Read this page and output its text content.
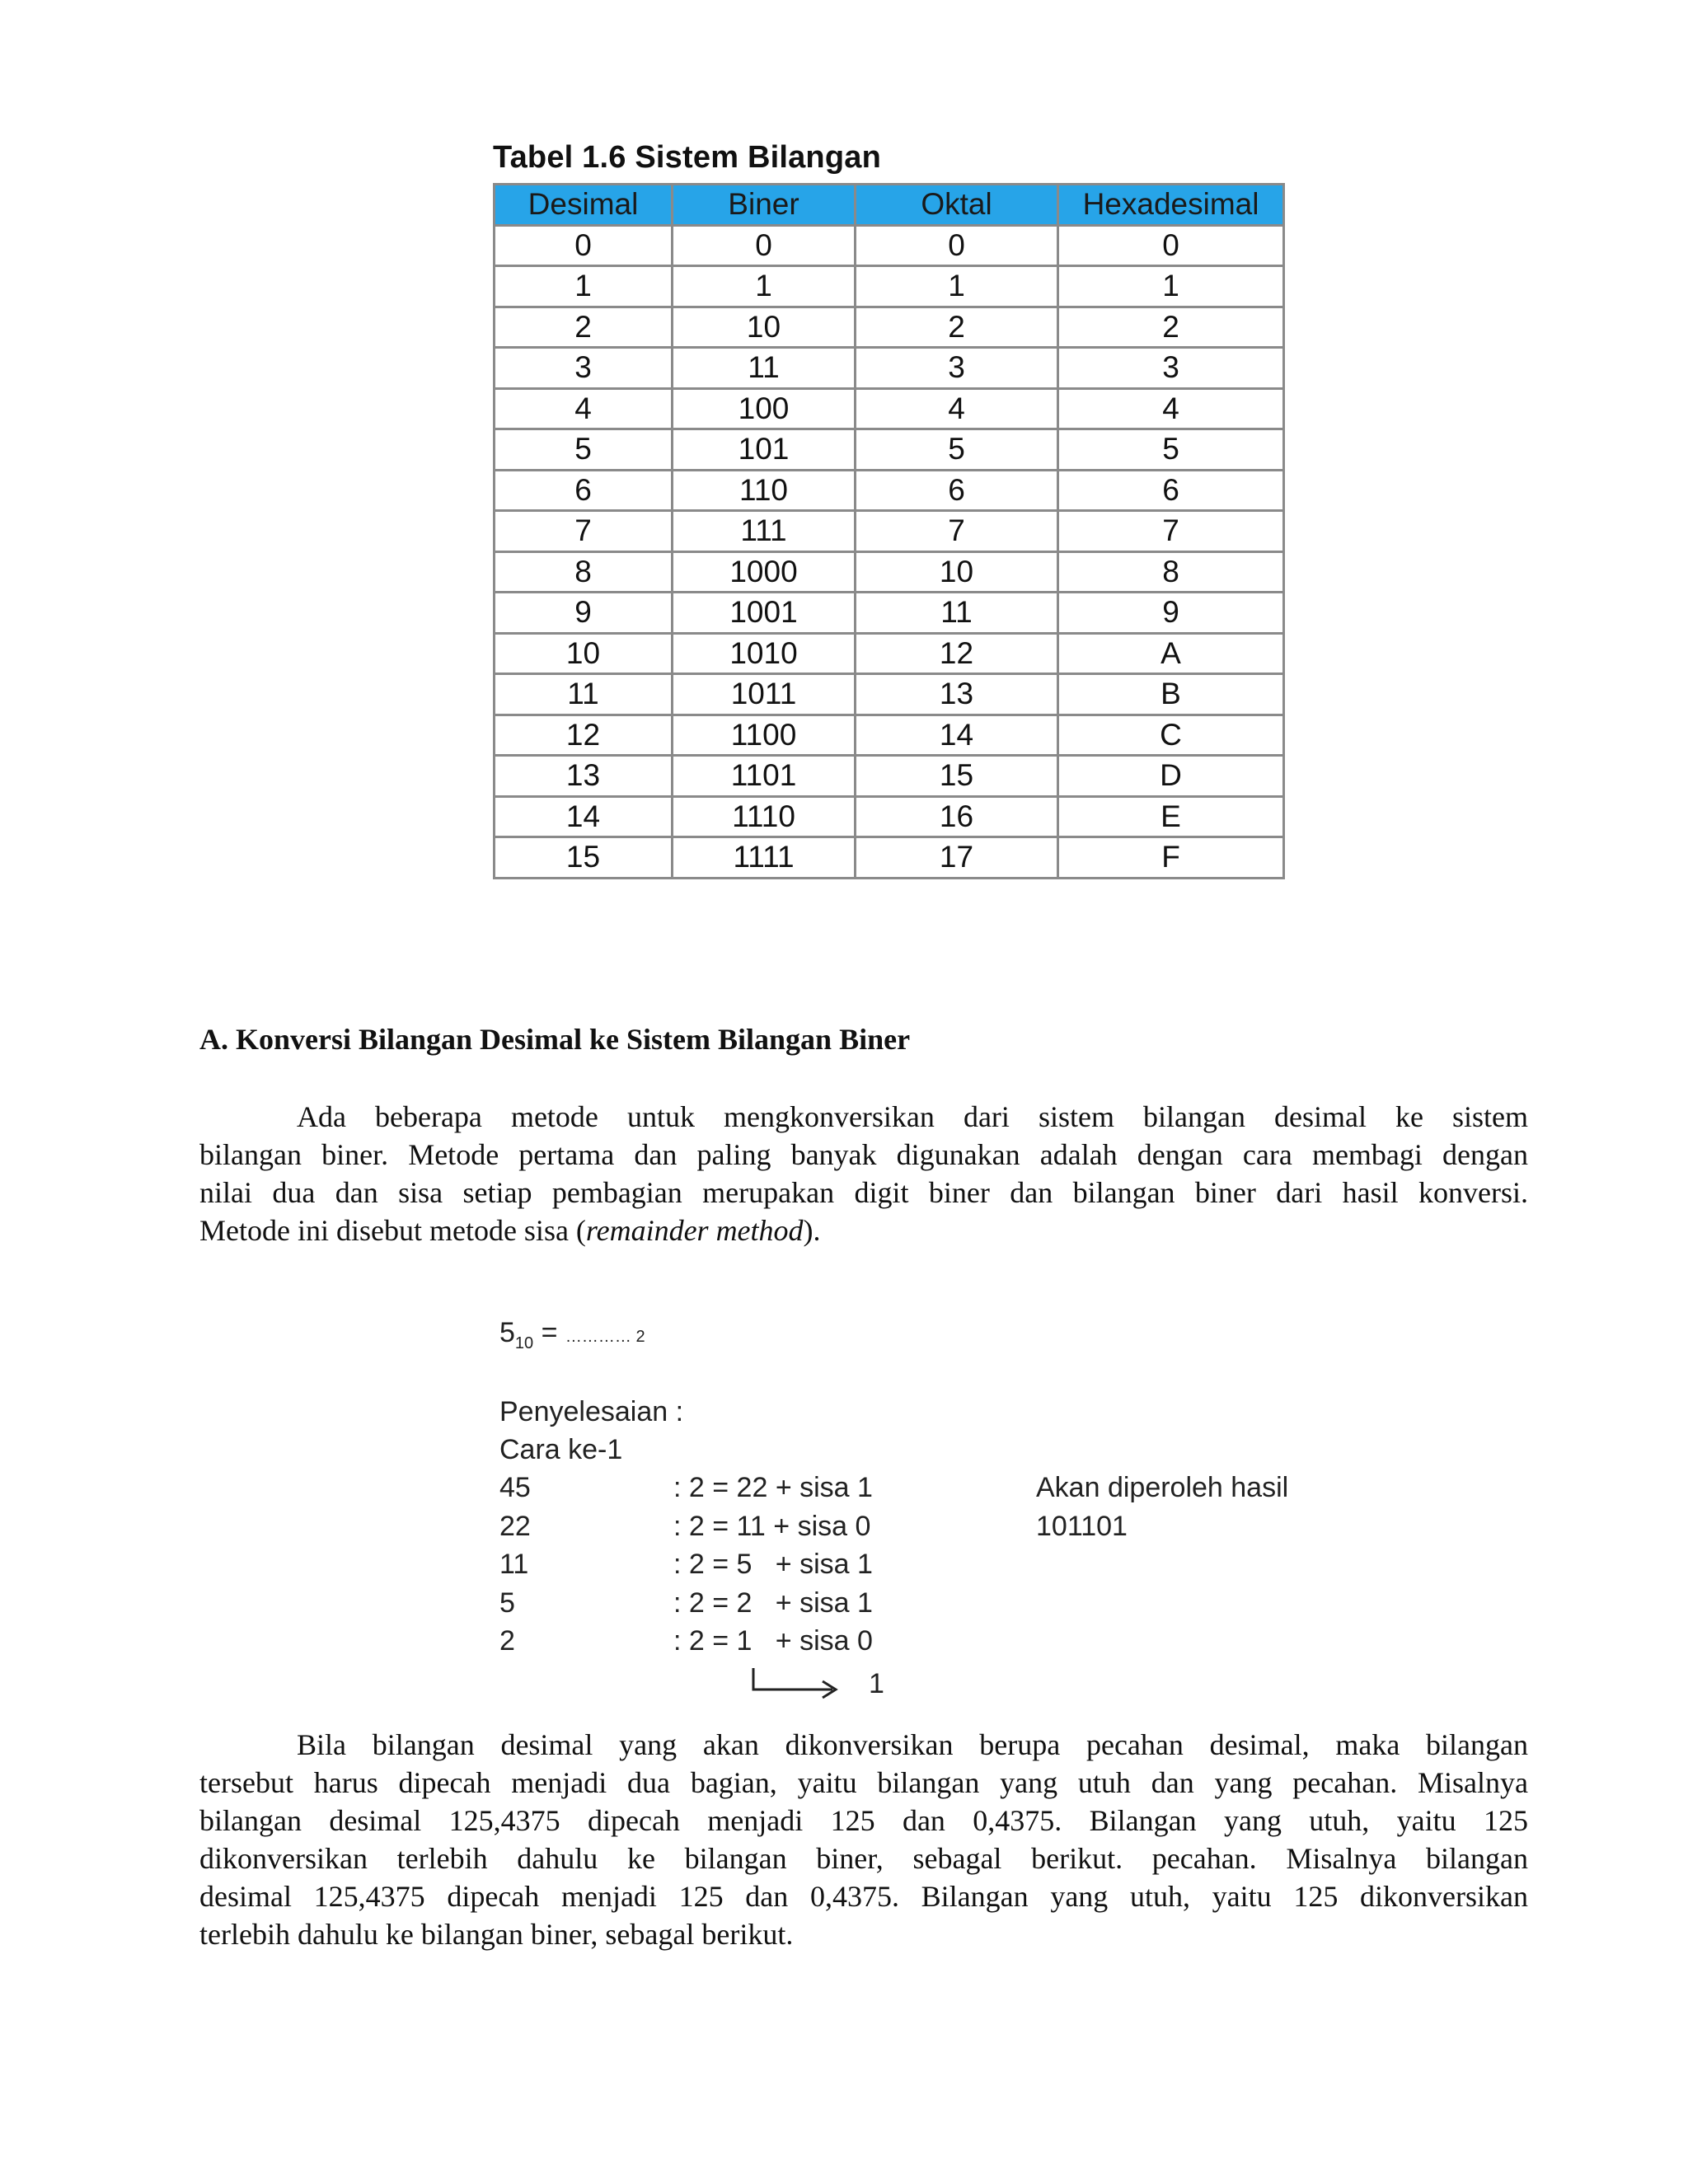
Tabel 1.6 Sistem Bilangan
Desimal	Biner	Oktal	Hexadesimal
0	0	0	0
1	1	1	1
2	10	2	2
3	11	3	3
4	100	4	4
5	101	5	5
6	110	6	6
7	111	7	7
8	1000	10	8
9	1001	11	9
10	1010	12	A
11	1011	13	B
12	1100	14	C
13	1101	15	D
14	1110	16	E
15	1111	17	F
A. Konversi Bilangan Desimal ke Sistem Bilangan Biner
Ada beberapa metode untuk mengkonversikan dari sistem bilangan desimal ke sistem
bilangan biner. Metode pertama dan paling banyak digunakan adalah dengan cara membagi dengan
nilai dua dan sisa setiap pembagian merupakan digit biner dan bilangan biner dari hasil konversi.
Metode ini disebut metode sisa (remainder method).
$5_{10}$ = ………… 2
Penyelesaian :
Cara ke-1
45	: 2 = 22 + sisa 1
22	: 2 = 11 + sisa 0
11	: 2 = 5   + sisa 1
5	: 2 = 2   + sisa 1
2	: 2 = 1   + sisa 0
1
Akan diperoleh hasil
101101
Bila bilangan desimal yang akan dikonversikan berupa pecahan desimal, maka bilangan
tersebut harus dipecah menjadi dua bagian, yaitu bilangan yang utuh dan yang pecahan. Misalnya
bilangan desimal 125,4375 dipecah menjadi 125 dan 0,4375. Bilangan yang utuh, yaitu 125
dikonversikan terlebih dahulu ke bilangan biner, sebagal berikut. pecahan. Misalnya bilangan
desimal 125,4375 dipecah menjadi 125 dan 0,4375. Bilangan yang utuh, yaitu 125 dikonversikan
terlebih dahulu ke bilangan biner, sebagal berikut.
